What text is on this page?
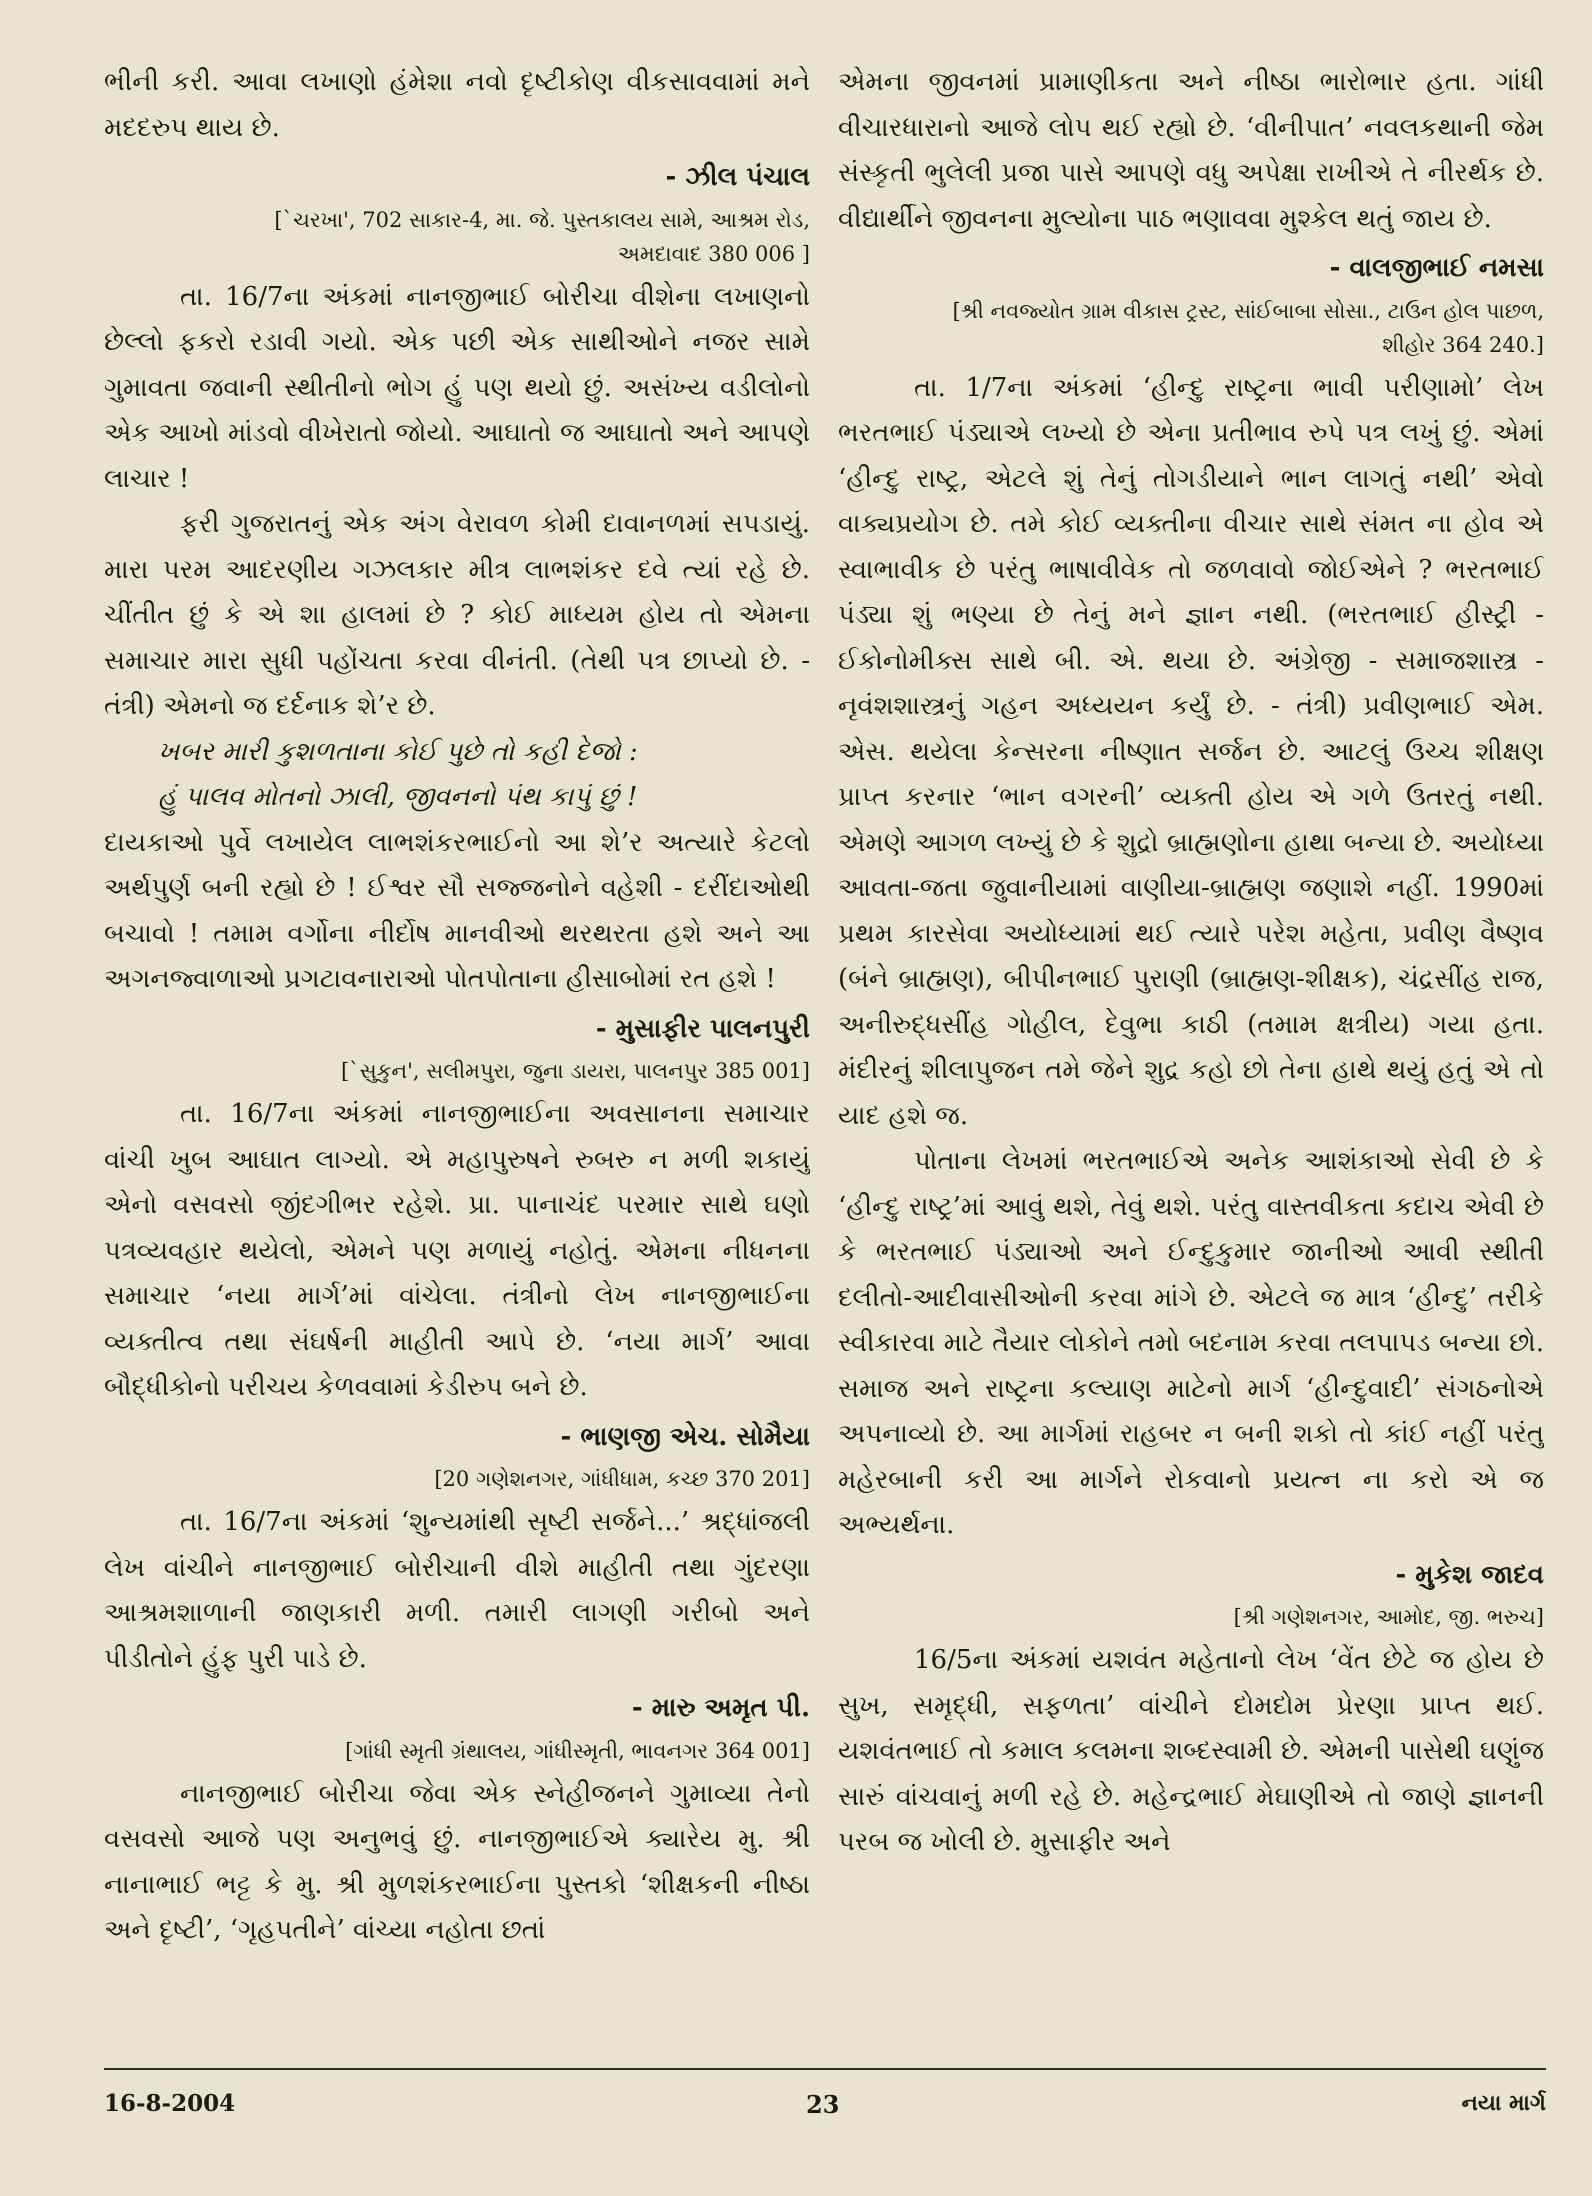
ભીની કરી. આવા લખાણો હંમેશા નવો દૃષ્ટીકોણ વીકસાવવામાં મને મદદરુપ થાય છે.

- ઝીલ પંચાલ

[`ચરખા', 702 સાકાર-4, મા. જે. પુસ્તકાલય સામે, આશ્રમ રોડ, અમદાવાદ 380 006 ]

તા. 16/7ના અંકમાં નાનજીભાઈ બોરીચા વીશેના લખાણનો છેલ્લો ફકરો રડાવી ગયો. એક પછી એક સાથીઓને નજર સામે ગુમાવતા જવાની સ્થીતીનો ભોગ હું પણ થયો છું. અસંખ્ય વડીલોનો એક આખો માંડવો વીખેરાતો જોયો. આઘાતો જ આઘાતો અને આપણે લાચાર !

ફરી ગુજરાતનું એક અંગ વેરાવળ કોમી દાવાનળમાં સપડાયું. મારા પરમ આદરણીય ગઝલકાર મીત્ર લાભશંકર દવે ત્યાં રહે છે. ચીંતીત છું કે એ શા હાલમાં છે ? કોઈ માધ્યમ હોય તો એમના સમાચાર મારા સુધી પહોંચતા કરવા વીનંતી. (તેથી પત્ર છાપ્યો છે. - તંત્રી) એમનો જ દર્દનાક શે’ર છે.

ખબર મારી કુશળતાના કોઈ પુછે તો કહી દેજો :

હું પાલવ મોતનો ઝાલી, જીવનનો પંથ કાપું છું !

દાયકાઓ પુર્વે લખાયેલ લાભશંકરભાઈનો આ શે’ર અત્યારે કેટલો અર્થપુર્ણ બની રહ્યો છે ! ઈશ્વર સૌ સજ્જનોને વહેશી - દરીંદાઓથી બચાવો ! તમામ વર્ગોના નીર્દોષ માનવીઓ થરથરતા હશે અને આ અગનજ્વાળાઓ પ્રગટાવનારાઓ પોતપોતાના હીસાબોમાં રત હશે !

- મુસાફીર પાલનપુરી

[`સુકુન', સલીમપુરા, જુના ડાયરા, પાલનપુર 385 001]

તા. 16/7ના અંકમાં નાનજીભાઈના અવસાનના સમાચાર વાંચી ખુબ આઘાત લાગ્યો. એ મહાપુરુષને રુબરુ ન મળી શકાયું એનો વસવસો જીંદગીભર રહેશે. પ્રા. પાનાચંદ પરમાર સાથે ઘણો પત્રવ્યવહાર થયેલો, એમને પણ મળાયું નહોતું. એમના નીધનના સમાચાર ‘નયા માર્ગ’માં વાંચેલા. તંત્રીનો લેખ નાનજીભાઈના વ્યક્તીત્વ તથા સંઘર્ષની માહીતી આપે છે. ‘નયા માર્ગ’ આવા બૌદ્ધીકોનો પરીચય કેળવવામાં કેડીરુપ બને છે.

- ભાણજી એચ. સોમૈયા

[20 ગણેશનગર, ગાંધીધામ, કચ્છ 370 201]

તા. 16/7ના અંકમાં ‘શુન્યમાંથી સૃષ્ટી સર્જને...’ શ્રદ્ધાંજલી લેખ વાંચીને નાનજીભાઈ બોરીચાની વીશે માહીતી તથા ગુંદરણા આશ્રમશાળાની જાણકારી મળી. તમારી લાગણી ગરીબો અને પીડીતોને હુંફ પુરી પાડે છે.

- મારુ અમૃત પી.

[ગાંધી સ્મૃતી ગ્રંથાલય, ગાંધીસ્મૃતી, ભાવનગર 364 001]

નાનજીભાઈ બોરીચા જેવા એક સ્નેહીજનને ગુમાવ્યા તેનો વસવસો આજે પણ અનુભવું છું. નાનજીભાઈએ ક્યારેય મુ. શ્રી નાનાભાઈ ભટ્ટ કે મુ. શ્રી મુળશંકરભાઈના પુસ્તકો ‘શીક્ષકની નીષ્ઠા અને દૃષ્ટી’, ‘ગૃહપતીને’ વાંચ્યા નહોતા છતાં

એમના જીવનમાં પ્રામાણીકતા અને નીષ્ઠા ભારોભાર હતા. ગાંધી વીચારધારાનો આજે લોપ થઈ રહ્યો છે. ‘વીનીપાત’ નવલકથાની જેમ સંસ્કૃતી ભુલેલી પ્રજા પાસે આપણે વધુ અપેક્ષા રાખીએ તે નીરર્થક છે. વીદ્યાર્થીને જીવનના મુલ્યોના પાઠ ભણાવવા મુશ્કેલ થતું જાય છે.

- વાલજીભાઈ નમસા

[શ્રી નવજ્યોત ગ્રામ વીકાસ ટ્રસ્ટ, સાંઈબાબા સોસા., ટાઉન હોલ પાછળ, શીહોર 364 240.]

તા. 1/7ના અંકમાં ‘હીન્દુ રાષ્ટ્રના ભાવી પરીણામો’ લેખ ભરતભાઈ પંડ્યાએ લખ્યો છે એના પ્રતીભાવ રુપે પત્ર લખું છું. એમાં ‘હીન્દુ રાષ્ટ્ર, એટલે શું તેનું તોગડીયાને ભાન લાગતું નથી’ એવો વાક્યપ્રયોગ છે. તમે કોઈ વ્યક્તીના વીચાર સાથે સંમત ના હોવ એ સ્વાભાવીક છે પરંતુ ભાષાવીવેક તો જળવાવો જોઈએને ? ભરતભાઈ પંડ્યા શું ભણ્યા છે તેનું મને જ્ઞાન નથી. (ભરતભાઈ હીસ્ટ્રી - ઈકોનોમીક્સ સાથે બી. એ. થયા છે. અંગ્રેજી - સમાજશાસ્ત્ર - નૃવંશશાસ્ત્રનું ગહન અધ્યયન કર્યું છે. - તંત્રી) પ્રવીણભાઈ એમ. એસ. થયેલા કેન્સરના નીષ્ણાત સર્જન છે. આટલું ઉચ્ચ શીક્ષણ પ્રાપ્ત કરનાર ‘ભાન વગરની’ વ્યક્તી હોય એ ગળે ઉતરતું નથી. એમણે આગળ લખ્યું છે કે શુદ્રો બ્રાહ્મણોના હાથા બન્યા છે. અયોધ્યા આવતા-જતા જુવાનીયામાં વાણીયા-બ્રાહ્મણ જણાશે નહીં. 1990માં પ્રથમ કારસેવા અયોધ્યામાં થઈ ત્યારે પરેશ મહેતા, પ્રવીણ વૈષ્ણવ (બંને બ્રાહ્મણ), બીપીનભાઈ પુરાણી (બ્રાહ્મણ-શીક્ષક), ચંદ્રસીંહ રાજ, અનીરુદ્ધસીંહ ગોહીલ, દેવુભા કાઠી (તમામ ક્ષત્રીય) ગયા હતા. મંદીરનું શીલાપુજન તમે જેને શુદ્ર કહો છો તેના હાથે થયું હતું એ તો યાદ હશે જ.

પોતાના લેખમાં ભરતભાઈએ અનેક આશંકાઓ સેવી છે કે ‘હીન્દુ રાષ્ટ્ર’માં આવું થશે, તેવું થશે. પરંતુ વાસ્તવીકતા કદાચ એવી છે કે ભરતભાઈ પંડ્યાઓ અને ઈન્દુકુમાર જાનીઓ આવી સ્થીતી દલીતો-આદીવાસીઓની કરવા માંગે છે. એટલે જ માત્ર ‘હીન્દુ’ તરીકે સ્વીકારવા માટે તૈયાર લોકોને તમો બદનામ કરવા તલપાપડ બન્યા છો. સમાજ અને રાષ્ટ્રના કલ્યાણ માટેનો માર્ગ ‘હીન્દુવાદી’ સંગઠનોએ અપનાવ્યો છે. આ માર્ગમાં રાહબર ન બની શકો તો કાંઈ નહીં પરંતુ મહેરબાની કરી આ માર્ગને રોકવાનો પ્રયત્ન ના કરો એ જ અભ્યર્થના.

- મુકેશ જાદવ

[શ્રી ગણેશનગર, આમોદ, જી. ભરુચ]

16/5ના અંકમાં યશવંત મહેતાનો લેખ ‘વેંત છેટે જ હોય છે સુખ, સમૃદ્ધી, સફળતા’ વાંચીને દોમદોમ પ્રેરણા પ્રાપ્ત થઈ. યશવંતભાઈ તો કમાલ કલમના શબ્દસ્વામી છે. એમની પાસેથી ઘણુંજ સારું વાંચવાનું મળી રહે છે. મહેન્દ્રભાઈ મેઘાણીએ તો જાણે જ્ઞાનની પરબ જ ખોલી છે. મુસાફીર અને

16-8-2004	23	નયા માર્ગ
